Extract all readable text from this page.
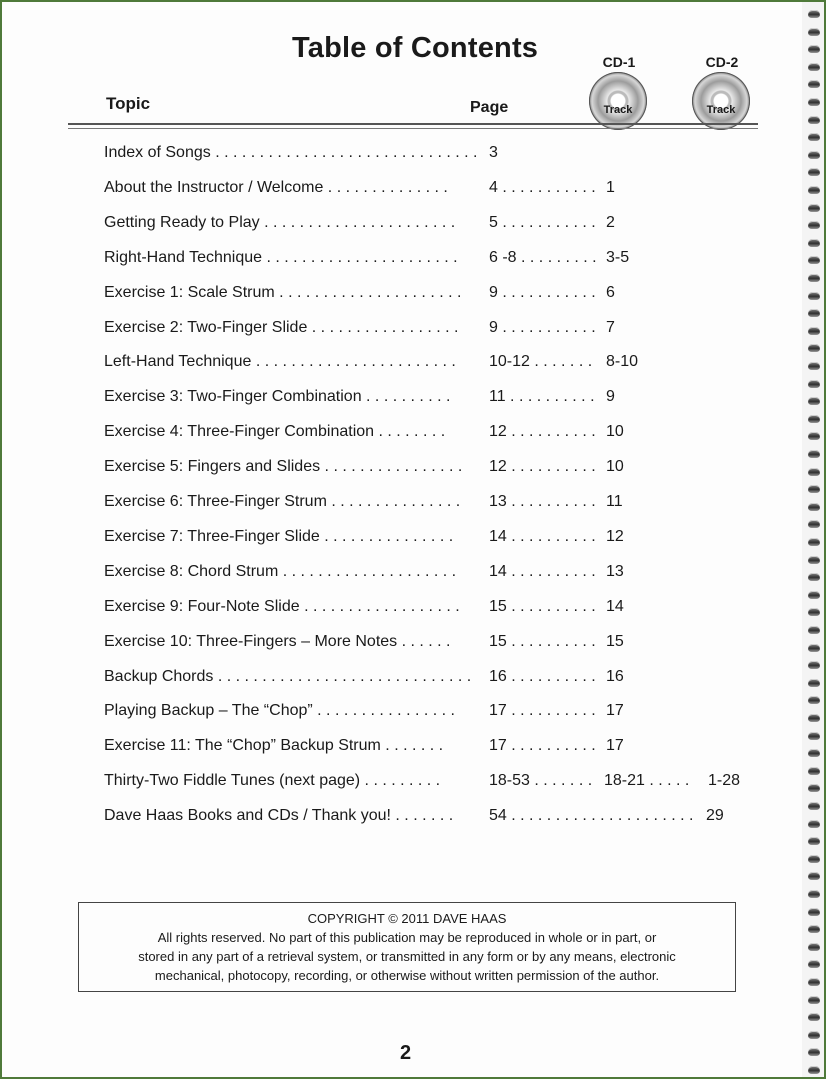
Table of Contents
Topic	Page
CD-1
Track
CD-2
Track
Index of Songs . . . . . . . . . . . . . . . . . . . . . . . . . . . . . . 3
About the Instructor / Welcome . . . . . . . . . . . . . .	4 . . . . . . . . . . . 1
Getting Ready to Play . . . . . . . . . . . . . . . . . . . . . . 5 . . . . . . . . . . . 2
Right-Hand Technique . . . . . . . . . . . . . . . . . . . . . . 6 -8 . . . . . . . . . 3-5
Exercise 1: Scale Strum . . . . . . . . . . . . . . . . . . . . . 9 . . . . . . . . . . . 6
Exercise 2: Two-Finger Slide . . . . . . . . . . . . . . . . . 9 . . . . . . . . . . . 7
Left-Hand Technique . . . . . . . . . . . . . . . . . . . . . . . 10-12 . . . . . . . 8-10
Exercise 3: Two-Finger Combination . . . . . . . . . . 11 . . . . . . . . . . 9
Exercise 4: Three-Finger Combination . . . . . . . .	12 . . . . . . . . . . 10
Exercise 5: Fingers and Slides . . . . . . . . . . . . . . . . 12 . . . . . . . . . . 10
Exercise 6: Three-Finger Strum . . . . . . . . . . . . . . . 13 . . . . . . . . . . 11
Exercise 7: Three-Finger Slide . . . . . . . . . . . . . . . 14 . . . . . . . . . . 12
Exercise 8: Chord Strum . . . . . . . . . . . . . . . . . . . . 14 . . . . . . . . . . 13
Exercise 9: Four-Note Slide . . . . . . . . . . . . . . . . . . 15 . . . . . . . . . . 14
Exercise 10: Three-Fingers – More Notes . . . . . . 15 . . . . . . . . . . 15
Backup Chords . . . . . . . . . . . . . . . . . . . . . . . . . . . . . 16 . . . . . . . . . . 16
Playing Backup – The “Chop” . . . . . . . . . . . . . . . . 17 . . . . . . . . . . 17
Exercise 11: The “Chop” Backup Strum . . . . . . .	17 . . . . . . . . . . 17
Thirty-Two Fiddle Tunes (next page) . . . . . . . . .	18-53 . . . . . . . 18-21 . . . . . 1-28
Dave Haas Books and CDs / Thank you! . . . . . . . 54 . . . . . . . . . . . . . . . . . . . . . 29
COPYRIGHT © 2011 DAVE HAAS
All rights reserved. No part of this publication may be reproduced in whole or in part, or
stored in any part of a retrieval system, or transmitted in any form or by any means, electronic
mechanical, photocopy, recording, or otherwise without written permission of the author.
2
